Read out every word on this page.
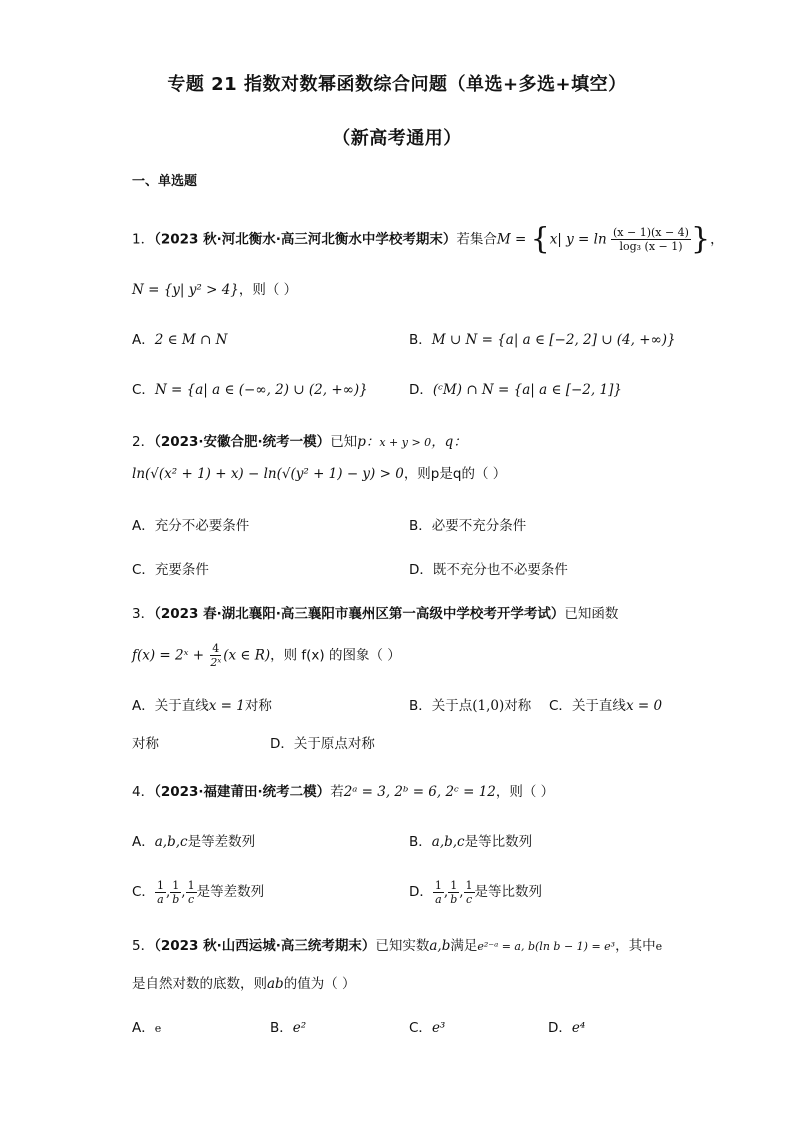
专题 21 指数对数幂函数综合问题（单选+多选+填空）
（新高考通用）
一、单选题
1．（2023 秋·河北衡水·高三河北衡水中学校考期末）若集合M = {x| $y = \ln \frac{(x - 1)(x - 4)}{\text{log₃ (x − 1)}}$ }，
N = {y| y² > 4}，则（ ）
A．2 ∈ M ∩ N	B．M ∪ N = {a| a ∈ [−2, 2] ∪ (4, +∞)}
C．N = {a| a ∈ (−∞, 2) ∪ (2, +∞)}	D．(ᶜM) ∩ N = {a| a ∈ [−2, 1]}
2．（2023·安徽合肥·统考一模）已知p：x + y > 0，q：
ln(√(x² + 1) + x) − ln(√(y² + 1) − y) > 0，则p是q的（ ）
A．充分不必要条件	B．必要不充分条件
C．充要条件	D．既不充分也不必要条件
3．（2023 春·湖北襄阳·高三襄阳市襄州区第一高级中学校考开学考试）已知函数
f(x) = 2ˣ + $\frac{4}{\text{2ˣ}} (x$ ∈ R)，则 f(x) 的图象（ ）
A．关于直线x = 1对称	B．关于点(1,0)对称 C．关于直线x = 0
对称	D．关于原点对称
4．（2023·福建莆田·统考二模）若2ᵃ = 3, 2ᵇ = 6, 2ᶜ = 12，则（ ）
A．a,b,c是等差数列	B．a,b,c是等比数列
C． $\frac{1}{a}$ , $\frac{1}{b}$ , $\frac{1}{c}$ 是等差数列	D． $\frac{1}{a}$ , $\frac{1}{b}$ , $\frac{1}{c}$ 是等比数列
5．（2023 秋·山西运城·高三统考期末）已知实数a,b满足e²⁻ᵃ = a, b(ln b − 1) = e³，其中e
是自然对数的底数，则ab的值为（ ）
A．e	B．e²	C．e³	D．e⁴
